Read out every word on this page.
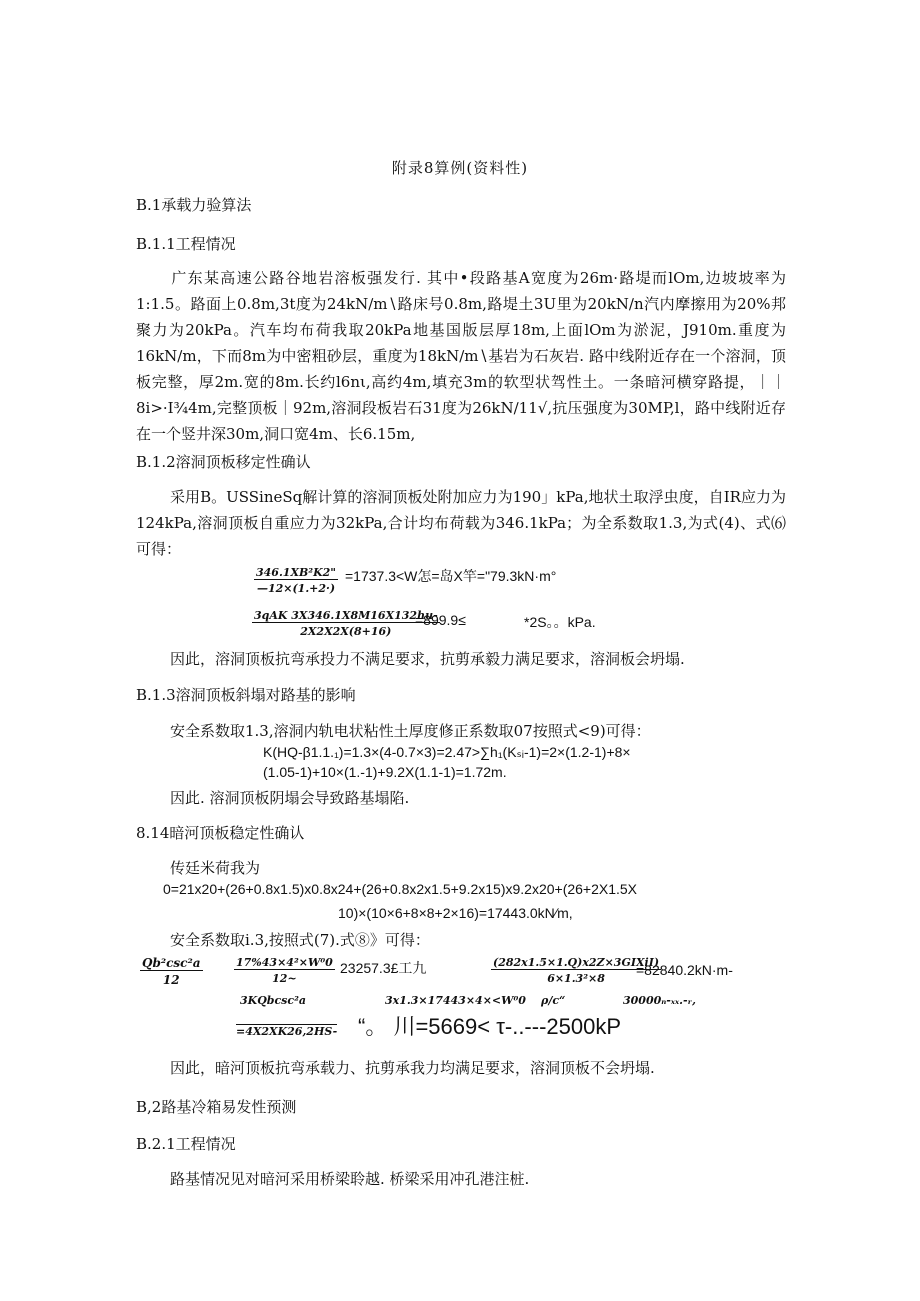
附录8算例(资料性)
B.1承载力验算法
B.1.1工程情况
广东某高速公路谷地岩溶板强发行. 其中•段路基A宽度为26m·路堤而lOm,边坡坡率为1:1.5。路面上0.8m,3t度为24kN∕m∖路床号0.8m,路堤土3U里为20kN∕n汽内摩擦用为20%邦聚力为20kPa。汽车均布荷我取20kPa地基国版层厚18m,上面lOm为淤泥，J910m.重度为16kN∕m，下而8m为中密粗砂层，重度为18kN∕m∖基岩为石灰岩. 路中线附近存在一个溶洞，顶板完整，厚2m.宽的8m.长约l6nι,高约4m,填充3m的软型状驾性土。一条暗河横穿路提，｜｜8i>·I¾4m,完整顶板｜92m,溶洞段板岩石31度为26kN∕11√,抗压强度为30MP,l，路中线附近存在一个竖井深30m,洞口宽4m、长6.15m,
B.1.2溶洞顶板移定性确认
采用B。USSineSq解计算的溶洞顶板处附加应力为190」kPa,地状土取浮虫度，自IR应力为124kPa,溶洞顶板自重应力为32kPa,合计均布荷载为346.1kPa；为全系数取1.3,为式(4)、式⑹可得：
$\frac{\text{346.1XB²K2"}}{—12\times(1.+2\cdot)} =1737.3<W$怎=岛X竿="79.3kN·m°
3qAK 3X346.1X8M16X132hu-
2X2X2X(8+16)
=899.9≤	*2S。。kPa.
因此，溶洞顶板抗弯承投力不满足要求，抗剪承毅力满足要求，溶洞板会坍塌.
B.1.3溶洞顶板斜塌对路基的影响
安全系数取1.3,溶洞内轨电状粘性土厚度修正系数取07按照式<9)可得：
K(HQ-β1.1.₁)=1.3×(4-0.7×3)=2.47>∑h₁(Kₛᵢ-1)=2×(1.2-1)+8×
(1.05-1)+10×(1.-1)+9.2X(1.1-1)=1.72m.
因此. 溶洞顶板阴塌会导致路基塌陷.
8.14暗河顶板稳定性确认
传廷米荷我为
0=21x20+(26+0.8x1.5)x0.8x24+(26+0.8x2x1.5+9.2x15)x9.2x20+(26+2X1.5X
10)×(10×6+8×8+2×16)=17443.0kN∕m,
安全系数取i.3,按照式(7).式⑧》可得：
Qb²csc²a
12	$\frac{\text{17\%43×4²×W⁰0}}{12\sim}$ 23257.3£工九	(282x1.5×1.Q)x2Z×3GIXiI)
6×1.3²×8
=82840.2kN·m-
3KQbcsc²a	3x1.3×17443×4×<W⁰0 ρ/c“	30000ₙ-ₓₓ.-ᵣ,
=4X2XK26,2HS- “。 川=5669< τ-..---2500kP
因此，暗河顶板抗弯承载力、抗剪承我力均满足要求，溶洞顶板不会坍塌.
B,2路基冷箱易发性预测
B.2.1工程情况
路基情况见对暗河采用桥梁聆越. 桥梁采用冲孔港注桩.
